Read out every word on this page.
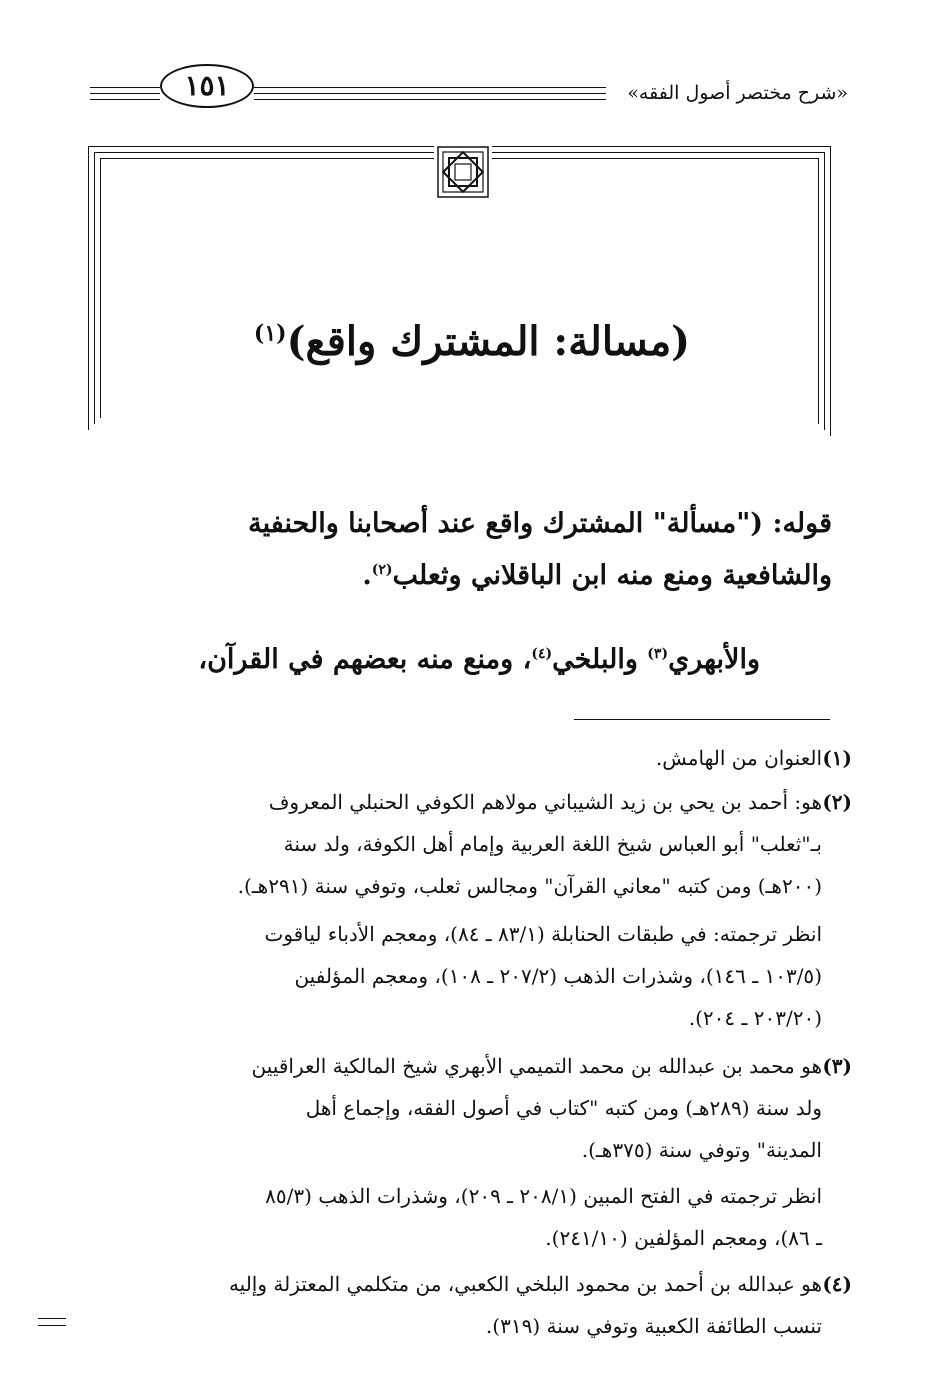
«شرح مختصر أصول الفقه»
١٥١
(مسالة: المشترك واقع)$^{(١)}$
قوله: ("مسألة" المشترك واقع عند أصحابنا والحنفية
والشافعية ومنع منه ابن الباقلاني وثعلب$^{(٢)}$.
والأبهري$^{(٣)}$ والبلخي$^{(٤)}$، ومنع منه بعضهم في القرآن،
(١)
العنوان من الهامش.
(٢)
هو: أحمد بن يحي بن زيد الشيباني مولاهم الكوفي الحنبلي المعروف
بـ"ثعلب" أبو العباس شيخ اللغة العربية وإمام أهل الكوفة، ولد سنة
(٢٠٠هـ) ومن كتبه "معاني القرآن" ومجالس ثعلب، وتوفي سنة (٢٩١هـ).
انظر ترجمته: في طبقات الحنابلة (٨٣/١ ـ ٨٤)، ومعجم الأدباء لياقوت
(١٠٣/٥ ـ ١٤٦)، وشذرات الذهب (٢٠٧/٢ ـ ١٠٨)، ومعجم المؤلفين
(٢٠٣/٢٠ ـ ٢٠٤).
(٣)
هو محمد بن عبدالله بن محمد التميمي الأبهري شيخ المالكية العراقيين
ولد سنة (٢٨٩هـ) ومن كتبه "كتاب في أصول الفقه، وإجماع أهل
المدينة" وتوفي سنة (٣٧٥هـ).
انظر ترجمته في الفتح المبين (٢٠٨/١ ـ ٢٠٩)، وشذرات الذهب (٨٥/٣
ـ ٨٦)، ومعجم المؤلفين (٢٤١/١٠).
(٤)
هو عبدالله بن أحمد بن محمود البلخي الكعبي، من متكلمي المعتزلة وإليه
تنسب الطائفة الكعبية وتوفي سنة (٣١٩).
